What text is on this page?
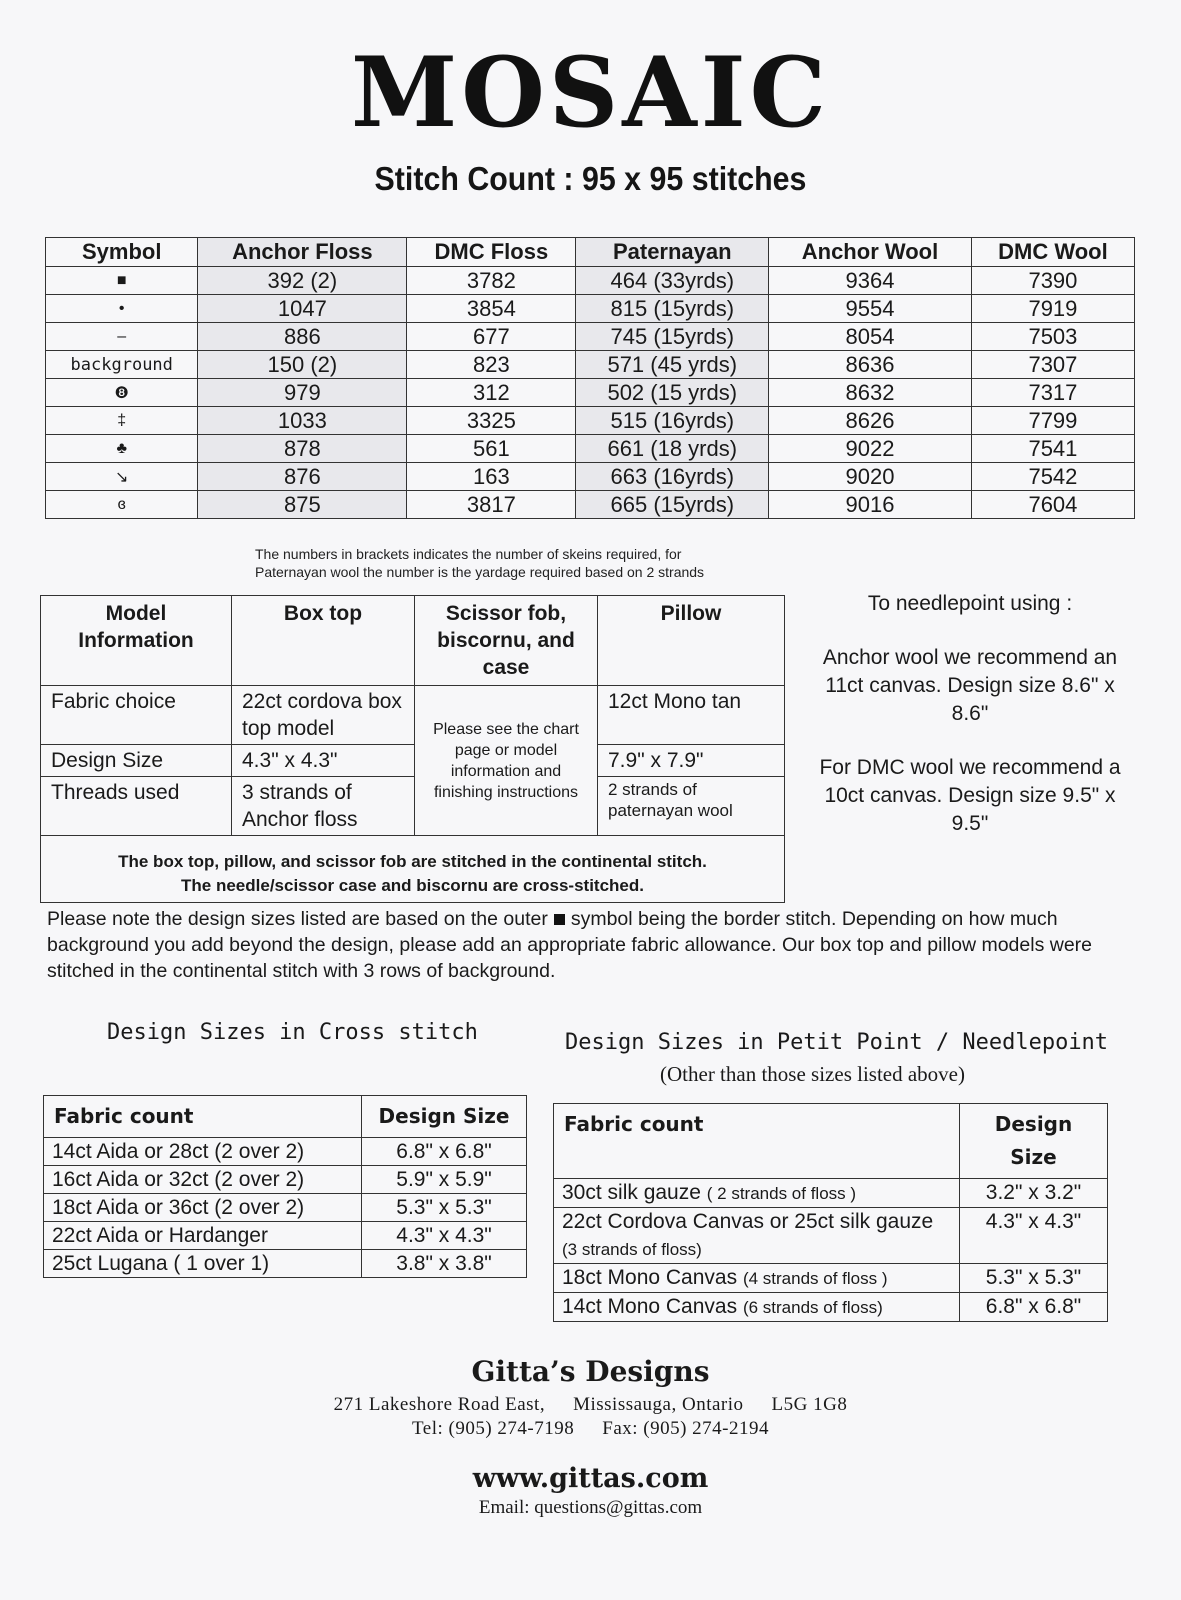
MOSAIC
Stitch Count : 95 x 95 stitches
Symbol	Anchor Floss	DMC Floss	Paternayan	Anchor Wool	DMC Wool
■	392 (2)	3782	464 (33yrds)	9364	7390
•	1047	3854	815 (15yrds)	9554	7919
–	886	677	745 (15yrds)	8054	7503
background	150 (2)	823	571 (45 yrds)	8636	7307
❽	979	312	502 (15 yrds)	8632	7317
‡	1033	3325	515 (16yrds)	8626	7799
♣	878	561	661 (18 yrds)	9022	7541
↘	876	163	663 (16yrds)	9020	7542
ɞ	875	3817	665 (15yrds)	9016	7604
The numbers in brackets indicates the number of skeins required, for
Paternayan wool the number is the yardage required based on 2 strands
Model Information	Box top	Scissor fob, biscornu, and case	Pillow
Fabric choice	22ct cordova box top model	Please see the chart page or model information and finishing instructions	12ct Mono tan
Design Size	4.3" x 4.3"		7.9" x 7.9"
Threads used	3 strands of Anchor floss		2 strands of paternayan wool

The box top, pillow, and scissor fob are stitched in the continental stitch.
The needle/scissor case and biscornu are cross-stitched.			

To needlepoint using :

Anchor wool we recommend an 11ct canvas. Design size 8.6" x 8.6"

For DMC wool we recommend a 10ct canvas. Design size 9.5" x 9.5"

Please note the design sizes listed are based on the outer symbol being the border stitch. Depending on how much background you add beyond the design, please add an appropriate fabric allowance. Our box top and pillow models were stitched in the continental stitch with 3 rows of background.
Design Sizes in Cross stitch	Design Sizes in Petit Point / Needlepoint
(Other than those sizes listed above)
Fabric count	Design Size
14ct Aida or 28ct (2 over 2)	6.8" x 6.8"
16ct Aida or 32ct (2 over 2)	5.9" x 5.9"
18ct Aida or 36ct (2 over 2)	5.3" x 5.3"
22ct Aida or Hardanger	4.3" x 4.3"
25ct Lugana ( 1 over 1)	3.8" x 3.8"
Fabric count	Design Size
30ct silk gauze ( 2 strands of floss )	3.2" x 3.2"
22ct Cordova Canvas or 25ct silk gauze (3 strands of floss)	4.3" x 4.3"
18ct Mono Canvas (4 strands of floss )	5.3" x 5.3"
14ct Mono Canvas (6 strands of floss)	6.8" x 6.8"
Gitta’s Designs
271 Lakeshore Road East, Mississauga, Ontario L5G 1G8
Tel: (905) 274-7198 Fax: (905) 274-2194
www.gittas.com
Email: questions@gittas.com
